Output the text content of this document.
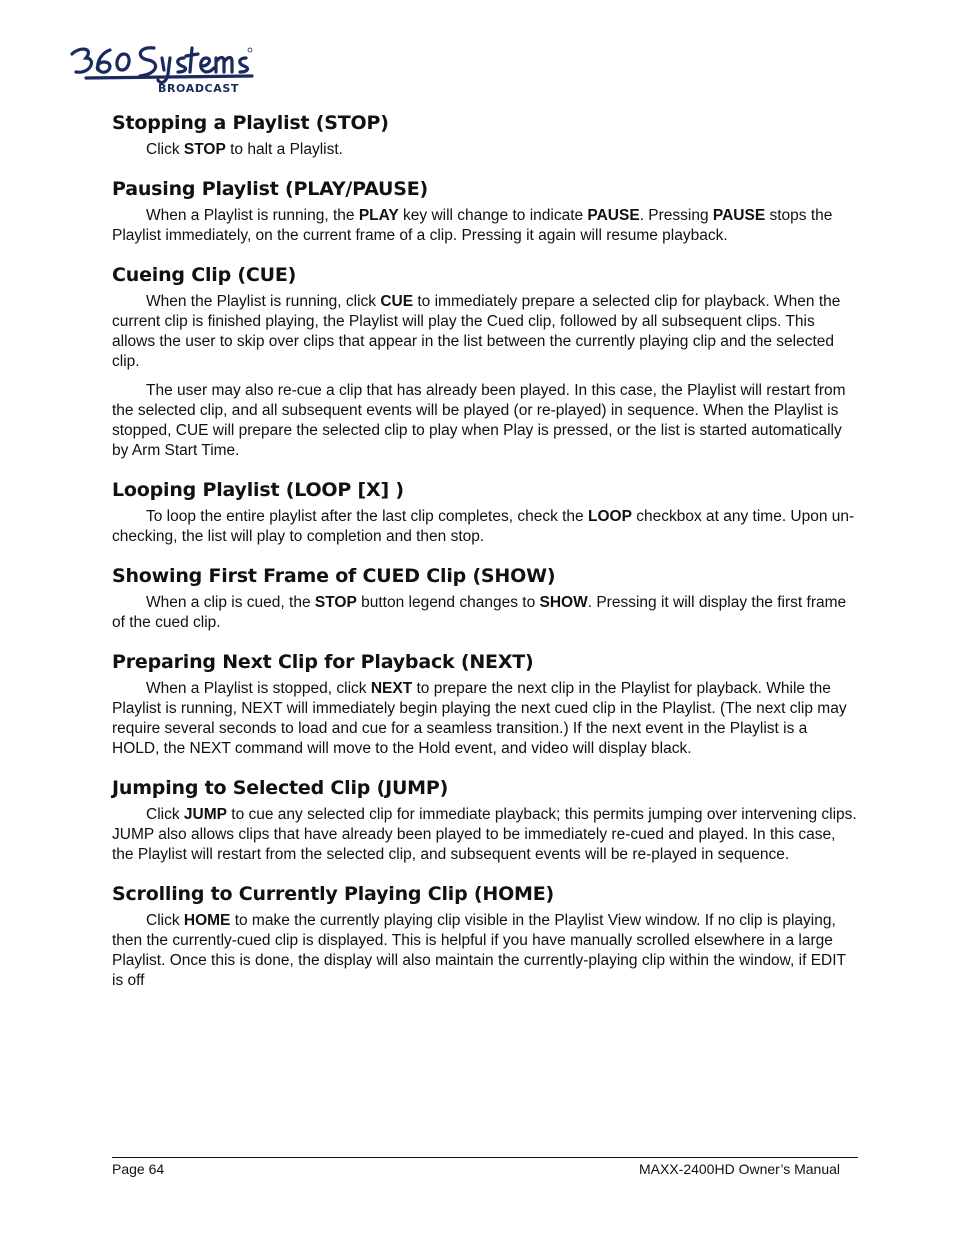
BROADCAST
Stopping a Playlist (STOP)

Click STOP to halt a Playlist.

Pausing Playlist (PLAY/PAUSE)

When a Playlist is running, the PLAY key will change to indicate PAUSE. Pressing PAUSE stops the Playlist immediately, on the current frame of a clip. Pressing it again will resume playback.

Cueing Clip (CUE)

When the Playlist is running, click CUE to immediately prepare a selected clip for playback. When the current clip is finished playing, the Playlist will play the Cued clip, followed by all subsequent clips. This allows the user to skip over clips that appear in the list between the currently playing clip and the selected clip.

The user may also re-cue a clip that has already been played. In this case, the Playlist will restart from the selected clip, and all subsequent events will be played (or re-played) in sequence. When the Playlist is stopped, CUE will prepare the selected clip to play when Play is pressed, or the list is started automatically by Arm Start Time.

Looping Playlist (LOOP [X] )

To loop the entire playlist after the last clip completes, check the LOOP checkbox at any time. Upon un-checking, the list will play to completion and then stop.

Showing First Frame of CUED Clip (SHOW)

When a clip is cued, the STOP button legend changes to SHOW. Pressing it will display the first frame of the cued clip.

Preparing Next Clip for Playback (NEXT)

When a Playlist is stopped, click NEXT to prepare the next clip in the Playlist for playback. While the Playlist is running, NEXT will immediately begin playing the next cued clip in the Playlist. (The next clip may require several seconds to load and cue for a seamless transition.) If the next event in the Playlist is a HOLD, the NEXT command will move to the Hold event, and video will display black.

Jumping to Selected Clip (JUMP)

Click JUMP to cue any selected clip for immediate playback; this permits jumping over intervening clips. JUMP also allows clips that have already been played to be immediately re-cued and played. In this case, the Playlist will restart from the selected clip, and subsequent events will be re-played in sequence.

Scrolling to Currently Playing Clip (HOME)

Click HOME to make the currently playing clip visible in the Playlist View window. If no clip is playing, then the currently-cued clip is displayed. This is helpful if you have manually scrolled elsewhere in a large Playlist. Once this is done, the display will also maintain the currently-playing clip within the window, if EDIT is off

Page 64	MAXX-2400HD Owner’s Manual
